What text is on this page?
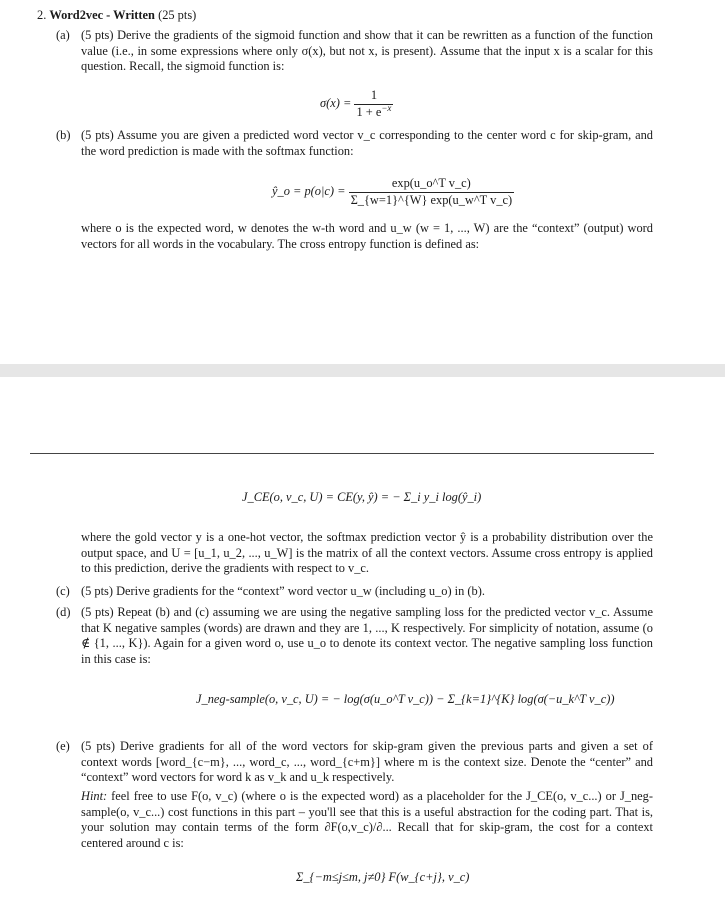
2. Word2vec - Written (25 pts)
(a) (5 pts) Derive the gradients of the sigmoid function and show that it can be rewritten as a function of the function value (i.e., in some expressions where only σ(x), but not x, is present). Assume that the input x is a scalar for this question. Recall, the sigmoid function is:
$\sigma(x) = \frac{1}{1 + e^{-x}}$
(b) (5 pts) Assume you are given a predicted word vector v_c corresponding to the center word c for skip-gram, and the word prediction is made with the softmax function:
ŷ_o = $p(o|c) = \frac{\text{exp(u\_o\textasciicircum{}T v\_c)}}{\text{Σ\_\{w=1\}\textasciicircum{}\{W\} exp(u\_w\textasciicircum{}T v\_c)}}$
where o is the expected word, w denotes the w-th word and u_w (w = 1, ..., W) are the “context” (output) word vectors for all words in the vocabulary. The cross entropy function is defined as:
J_CE(o, v_c, U) = CE(y, ŷ) = − Σ_i y_i log(ŷ_i)
where the gold vector y is a one-hot vector, the softmax prediction vector ŷ is a probability distribution over the output space, and U = [u_1, u_2, ..., u_W] is the matrix of all the context vectors. Assume cross entropy is applied to this prediction, derive the gradients with respect to v_c.
(c) (5 pts) Derive gradients for the “context” word vector u_w (including u_o) in (b).
(d) (5 pts) Repeat (b) and (c) assuming we are using the negative sampling loss for the predicted vector v_c. Assume that K negative samples (words) are drawn and they are 1, ..., K respectively. For simplicity of notation, assume (o ∉ {1, ..., K}). Again for a given word o, use u_o to denote its context vector. The negative sampling loss function in this case is:
J_neg-sample(o, v_c, U) = − log(σ(u_o^T v_c)) − Σ_{k=1}^{K} log(σ(−u_k^T v_c))
(e) (5 pts) Derive gradients for all of the word vectors for skip-gram given the previous parts and given a set of context words [word_{c−m}, ..., word_c, ..., word_{c+m}] where m is the context size. Denote the “center” and “context” word vectors for word k as v_k and u_k respectively.
Hint: feel free to use F(o, v_c) (where o is the expected word) as a placeholder for the J_CE(o, v_c...) or J_neg-sample(o, v_c...) cost functions in this part – you'll see that this is a useful abstraction for the coding part. That is, your solution may contain terms of the form ∂F(o,v_c)/∂... Recall that for skip-gram, the cost for a context centered around c is:
Σ_{−m≤j≤m, j≠0} F(w_{c+j}, v_c)
